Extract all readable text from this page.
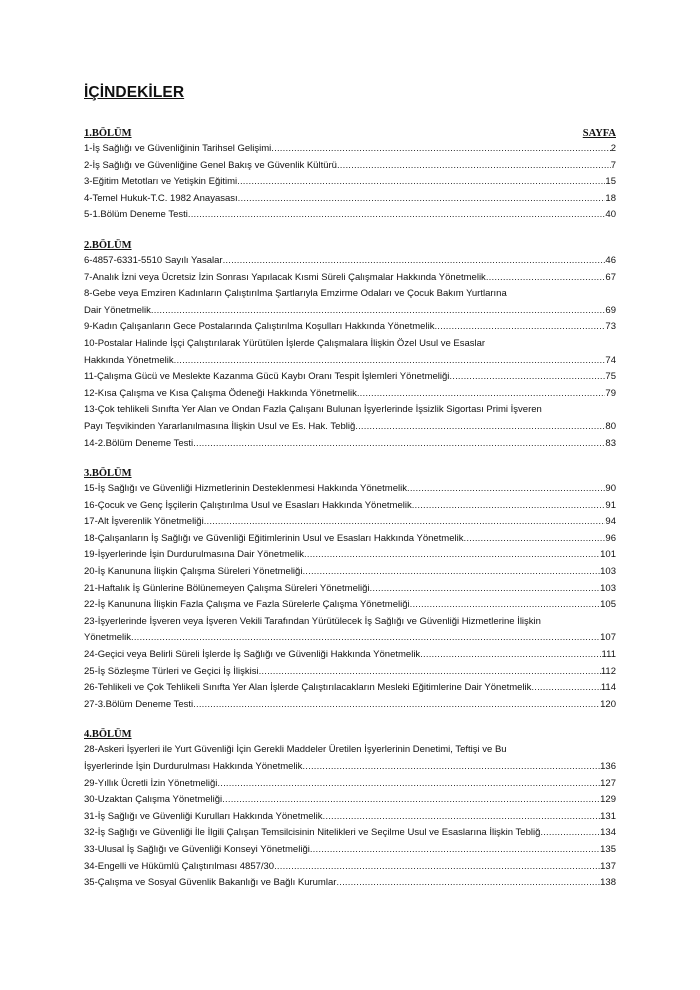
İÇİNDEKİLER
1.BÖLÜM	SAYFA
1-İş Sağlığı ve Güvenliğinin Tarihsel Gelişimi .....	2
2-İş Sağlığı ve Güvenliğine Genel Bakış ve Güvenlik Kültürü .....	7
3-Eğitim Metotları ve Yetişkin Eğitimi .....	15
4-Temel Hukuk-T.C. 1982 Anayasası .....	18
5-1.Bölüm Deneme Testi .....	40
2.BÖLÜM
6-4857-6331-5510 Sayılı Yasalar .....	46
7-Analık İzni veya Ücretsiz İzin Sonrası Yapılacak Kısmi Süreli Çalışmalar Hakkında Yönetmelik .....	67
8-Gebe veya Emziren Kadınların Çalıştırılma Şartlarıyla Emzirme Odaları ve Çocuk Bakım Yurtlarına
Dair Yönetmelik .....	69
9-Kadın Çalışanların Gece Postalarında Çalıştırılma Koşulları Hakkında Yönetmelik .....	73
10-Postalar Halinde İşçi Çalıştırılarak Yürütülen İşlerde Çalışmalara İlişkin Özel Usul ve Esaslar
Hakkında Yönetmelik .....	74
11-Çalışma Gücü ve Meslekte Kazanma Gücü Kaybı Oranı Tespit İşlemleri Yönetmeliği .....	75
12-Kısa Çalışma ve Kısa Çalışma Ödeneği Hakkında Yönetmelik .....	79
13-Çok tehlikeli Sınıfta Yer Alan ve Ondan Fazla Çalışanı Bulunan İşyerlerinde İşsizlik Sigortası Primi İşveren
Payı Teşvikinden Yararlanılmasına İlişkin Usul ve Es. Hak. Tebliğ .....	80
14-2.Bölüm Deneme Testi .....	83
3.BÖLÜM
15-İş Sağlığı ve Güvenliği Hizmetlerinin Desteklenmesi Hakkında Yönetmelik .....	90
16-Çocuk ve Genç İşçilerin Çalıştırılma Usul ve Esasları Hakkında Yönetmelik .....	91
17-Alt İşverenlik Yönetmeliği .....	94
18-Çalışanların İş Sağlığı ve Güvenliği Eğitimlerinin Usul ve Esasları Hakkında Yönetmelik .....	96
19-İşyerlerinde İşin Durdurulmasına Dair Yönetmelik .....	101
20-İş Kanununa İlişkin Çalışma Süreleri Yönetmeliği .....	103
21-Haftalık İş Günlerine Bölünemeyen Çalışma Süreleri Yönetmeliği .....	103
22-İş Kanununa İlişkin Fazla Çalışma ve Fazla Sürelerle Çalışma Yönetmeliği .....	105
23-İşyerlerinde İşveren veya İşveren Vekili Tarafından Yürütülecek İş Sağlığı ve Güvenliği Hizmetlerine İlişkin
Yönetmelik .....	107
24-Geçici veya Belirli Süreli İşlerde İş Sağlığı ve Güvenliği Hakkında Yönetmelik .....	111
25-İş Sözleşme Türleri ve Geçici İş İlişkisi .....	112
26-Tehlikeli ve Çok Tehlikeli Sınıfta Yer Alan İşlerde Çalıştırılacakların Mesleki Eğitimlerine Dair Yönetmelik .....	114
27-3.Bölüm Deneme Testi .....	120
4.BÖLÜM
28-Askeri İşyerleri ile Yurt Güvenliği İçin Gerekli Maddeler Üretilen İşyerlerinin Denetimi, Teftişi ve Bu
İşyerlerinde İşin Durdurulması Hakkında Yönetmelik .....	136
29-Yıllık Ücretli İzin Yönetmeliği .....	127
30-Uzaktan Çalışma Yönetmeliği .....	129
31-İş Sağlığı ve Güvenliği Kurulları Hakkında Yönetmelik .....	131
32-İş Sağlığı ve Güvenliği İle İlgili Çalışan Temsilcisinin Nitelikleri ve Seçilme Usul ve Esaslarına İlişkin Tebliğ .....	134
33-Ulusal İş Sağlığı ve Güvenliği Konseyi Yönetmeliği .....	135
34-Engelli ve Hükümlü Çalıştırılması 4857/30 .....	137
35-Çalışma ve Sosyal Güvenlik Bakanlığı ve Bağlı Kurumlar .....	138
